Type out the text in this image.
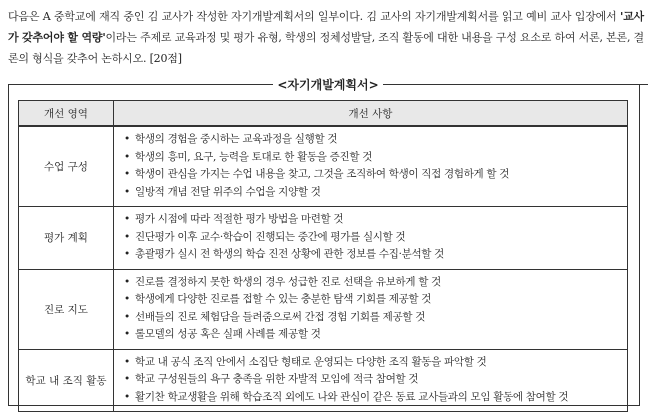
다음은 A 중학교에 재직 중인 김 교사가 작성한 자기개발계획서의 일부이다. 김 교사의 자기개발계획서를 읽고 예비 교사 입장에서 '교사가 갖추어야 할 역량'이라는 주제로 교육과정 및 평가 유형, 학생의 정체성발달, 조직 활동에 대한 내용을 구성 요소로 하여 서론, 본론, 결론의 형식을 갖추어 논하시오. [20점]
<자기개발계획서>
개선 영역	개선 사항
수업 구성	• 학생의 경험을 중시하는 교육과정을 실행할 것
• 학생의 흥미, 요구, 능력을 토대로 한 활동을 증진할 것
• 학생이 관심을 가지는 수업 내용을 찾고, 그것을 조직하여 학생이 직접 경험하게 할 것
• 일방적 개념 전달 위주의 수업을 지양할 것

평가 계획	• 평가 시점에 따라 적절한 평가 방법을 마련할 것
• 진단평가 이후 교수·학습이 진행되는 중간에 평가를 실시할 것
• 총괄평가 실시 전 학생의 학습 진전 상황에 관한 정보를 수집·분석할 것

진로 지도	• 진로를 결정하지 못한 학생의 경우 성급한 진로 선택을 유보하게 할 것
• 학생에게 다양한 진로를 접할 수 있는 충분한 탐색 기회를 제공할 것
• 선배들의 진로 체험담을 들려줌으로써 간접 경험 기회를 제공할 것
• 롤모델의 성공 혹은 실패 사례를 제공할 것

학교 내 조직 활동	• 학교 내 공식 조직 안에서 소집단 형태로 운영되는 다양한 조직 활동을 파악할 것
• 학교 구성원들의 욕구 충족을 위한 자발적 모임에 적극 참여할 것
• 활기찬 학교생활을 위해 학습조직 외에도 나와 관심이 같은 동료 교사들과의 모임 활동에 참여할 것
